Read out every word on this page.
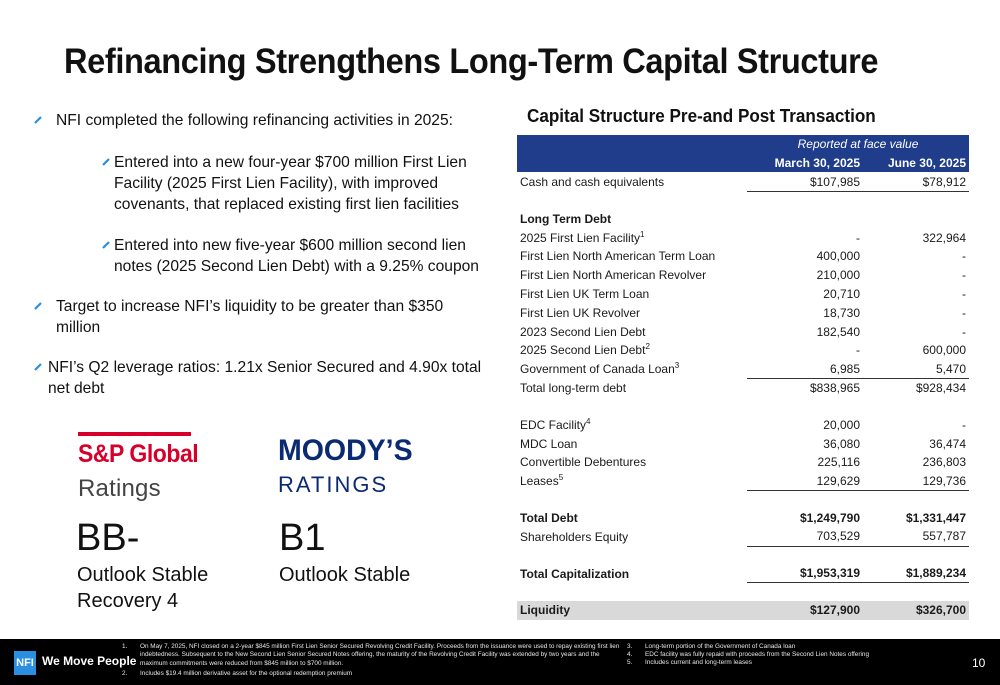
Refinancing Strengthens Long-Term Capital Structure
NFI completed the following refinancing activities in 2025:
Entered into a new four-year $700 million First Lien Facility (2025 First Lien Facility), with improved covenants, that replaced existing first lien facilities
Entered into new five-year $600 million second lien notes (2025 Second Lien Debt) with a 9.25% coupon
Target to increase NFI’s liquidity to be greater than $350 million
NFI’s Q2 leverage ratios: 1.21x Senior Secured and 4.90x total net debt
S&P Global
Ratings
BB-
Outlook Stable
Recovery 4
MOODY’S
RATINGS
B1
Outlook Stable
Capital Structure Pre-and Post Transaction
	Reported at face value	
	March 30, 2025	June 30, 2025
Cash and cash equivalents	$107,985	$78,912

Long Term Debt		
2025 First Lien Facility$^1$	-	322,964
First Lien North American Term Loan	400,000	-
First Lien North American Revolver	210,000	-
First Lien UK Term Loan	20,710	-
First Lien UK Revolver	18,730	-
2023 Second Lien Debt	182,540	-
2025 Second Lien Debt$^2$	-	600,000
Government of Canada Loan$^3$	6,985	5,470
Total long-term debt	$838,965	$928,434

EDC Facility$^4$	20,000	-
MDC Loan	36,080	36,474
Convertible Debentures	225,116	236,803
Leases$^5$	129,629	129,736

Total Debt	$1,249,790	$1,331,447
Shareholders Equity	703,529	557,787

Total Capitalization	$1,953,319	$1,889,234

Liquidity	$127,900	$326,700
NFI We Move People
1.	On May 7, 2025, NFI closed on a 2-year $845 million First Lien Senior Secured Revolving Credit Facility. Proceeds from the issuance were used to repay existing first lien indebtedness. Subsequent to the New Second Lien Senior Secured Notes offering, the maturity of the Revolving Credit Facility was extended by two years and the maximum commitments were reduced from $845 million to $700 million.
2.	Includes $19.4 million derivative asset for the optional redemption premium
3.	Long-term portion of the Government of Canada loan
4.	EDC facility was fully repaid with proceeds from the Second Lien Notes offering
5.	Includes current and long-term leases	10
